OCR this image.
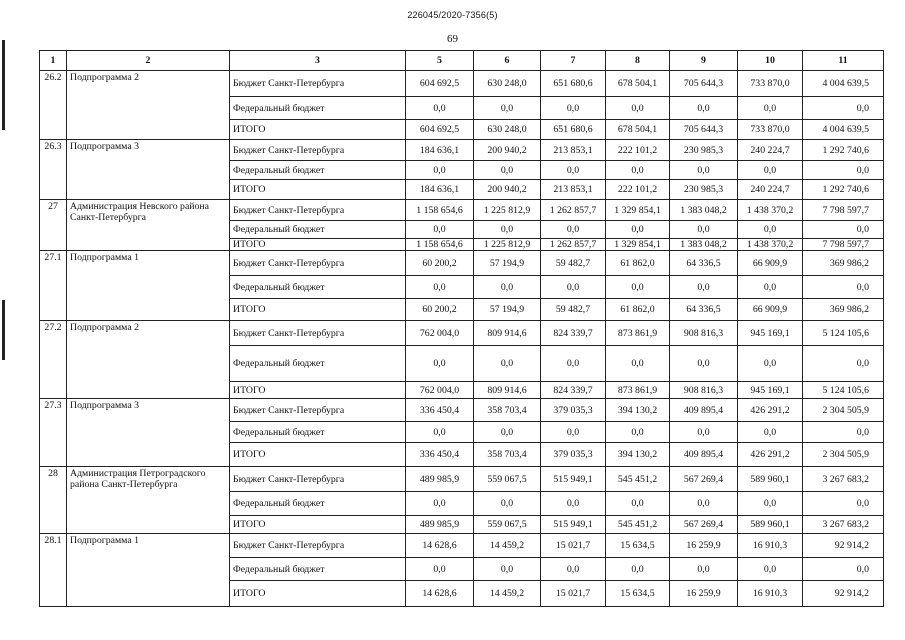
226045/2020-7356(5)
69
1	2	3	5	6	7	8	9	10	11
26.2	Подпрограмма 2	Бюджет Санкт-Петербурга	604 692,5	630 248,0	651 680,6	678 504,1	705 644,3	733 870,0	4 004 639,5
		Федеральный бюджет	0,0	0,0	0,0	0,0	0,0	0,0	0,0
		ИТОГО	604 692,5	630 248,0	651 680,6	678 504,1	705 644,3	733 870,0	4 004 639,5
26.3	Подпрограмма 3	Бюджет Санкт-Петербурга	184 636,1	200 940,2	213 853,1	222 101,2	230 985,3	240 224,7	1 292 740,6
		Федеральный бюджет	0,0	0,0	0,0	0,0	0,0	0,0	0,0
		ИТОГО	184 636,1	200 940,2	213 853,1	222 101,2	230 985,3	240 224,7	1 292 740,6
27	Администрация Невского района Санкт-Петербурга	Бюджет Санкт-Петербурга	1 158 654,6	1 225 812,9	1 262 857,7	1 329 854,1	1 383 048,2	1 438 370,2	7 798 597,7
		Федеральный бюджет	0,0	0,0	0,0	0,0	0,0	0,0	0,0
		ИТОГО	1 158 654,6	1 225 812,9	1 262 857,7	1 329 854,1	1 383 048,2	1 438 370,2	7 798 597,7
27.1	Подпрограмма 1	Бюджет Санкт-Петербурга	60 200,2	57 194,9	59 482,7	61 862,0	64 336,5	66 909,9	369 986,2
		Федеральный бюджет	0,0	0,0	0,0	0,0	0,0	0,0	0,0
		ИТОГО	60 200,2	57 194,9	59 482,7	61 862,0	64 336,5	66 909,9	369 986,2
27.2	Подпрограмма 2	Бюджет Санкт-Петербурга	762 004,0	809 914,6	824 339,7	873 861,9	908 816,3	945 169,1	5 124 105,6
		Федеральный бюджет	0,0	0,0	0,0	0,0	0,0	0,0	0,0
		ИТОГО	762 004,0	809 914,6	824 339,7	873 861,9	908 816,3	945 169,1	5 124 105,6
27.3	Подпрограмма 3	Бюджет Санкт-Петербурга	336 450,4	358 703,4	379 035,3	394 130,2	409 895,4	426 291,2	2 304 505,9
		Федеральный бюджет	0,0	0,0	0,0	0,0	0,0	0,0	0,0
		ИТОГО	336 450,4	358 703,4	379 035,3	394 130,2	409 895,4	426 291,2	2 304 505,9
28	Администрация Петроградского района Санкт-Петербурга	Бюджет Санкт-Петербурга	489 985,9	559 067,5	515 949,1	545 451,2	567 269,4	589 960,1	3 267 683,2
		Федеральный бюджет	0,0	0,0	0,0	0,0	0,0	0,0	0,0
		ИТОГО	489 985,9	559 067,5	515 949,1	545 451,2	567 269,4	589 960,1	3 267 683,2
28.1	Подпрограмма 1	Бюджет Санкт-Петербурга	14 628,6	14 459,2	15 021,7	15 634,5	16 259,9	16 910,3	92 914,2
		Федеральный бюджет	0,0	0,0	0,0	0,0	0,0	0,0	0,0
		ИТОГО	14 628,6	14 459,2	15 021,7	15 634,5	16 259,9	16 910,3	92 914,2
